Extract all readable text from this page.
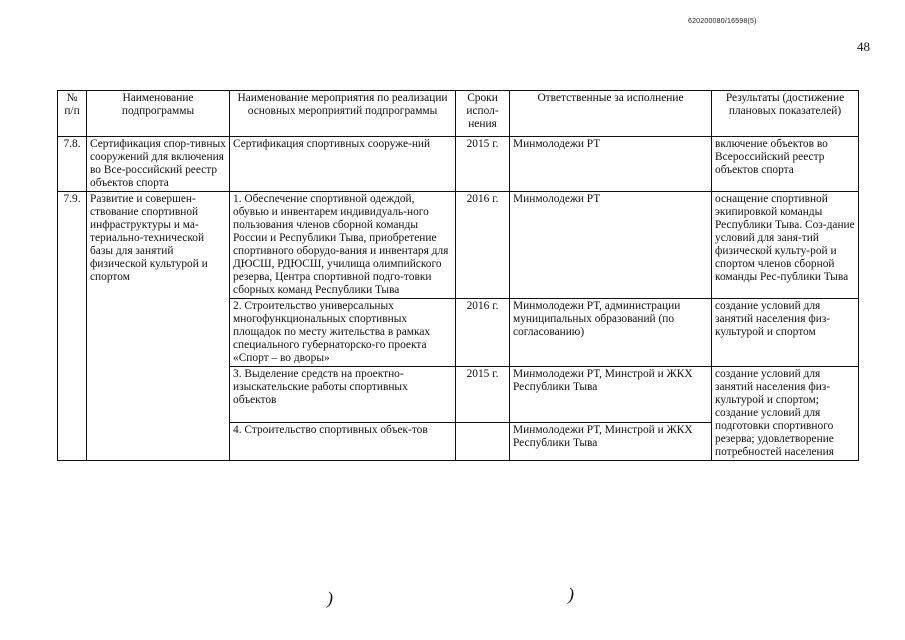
620200080/16598(5)
48
№ п/п	Наименование подпрограммы	Наименование мероприятия по реализации основных мероприятий подпрограммы	Сроки испол-нения	Ответственные за исполнение	Результаты (достижение плановых показателей)
7.8.	Сертификация спор-тивных сооружений для включения во Все-российский реестр объектов спорта	Сертификация спортивных сооруже-ний	2015 г.	Минмолодежи РТ	включение объектов во Всероссийский реестр объектов спорта
7.9.	Развитие и совершен-ствование спортивной инфраструктуры и ма-териально-технической базы для занятий физической культурой и спортом	1. Обеспечение спортивной одеждой, обувью и инвентарем индивидуаль-ного пользования членов сборной команды России и Республики Тыва, приобретение спортивного оборудо-вания и инвентаря для ДЮСШ, РДЮСШ, училища олимпийского резерва, Центра спортивной подго-товки сборных команд Республики Тыва	2016 г.	Минмолодежи РТ	оснащение спортивной экипировкой команды Республики Тыва. Соз-дание условий для заня-тий физической культу-рой и спортом членов сборной команды Рес-публики Тыва
		2. Строительство универсальных многофункциональных спортивных площадок по месту жительства в рамках специального губернаторско-го проекта «Спорт – во дворы»	2016 г.	Минмолодежи РТ, администрации муниципальных образований (по согласованию)	создание условий для занятий населения физ-культурой и спортом
		3. Выделение средств на проектно-изыскательские работы спортивных объектов	2015 г.	Минмолодежи РТ, Минстрой и ЖКХ Республики Тыва	создание условий для занятий населения физ-культурой и спортом; создание условий для подготовки спортивного резерва; удовлетворение потребностей населения
		4. Строительство спортивных объек-тов		Минмолодежи РТ, Минстрой и ЖКХ Республики Тыва	
)	)
